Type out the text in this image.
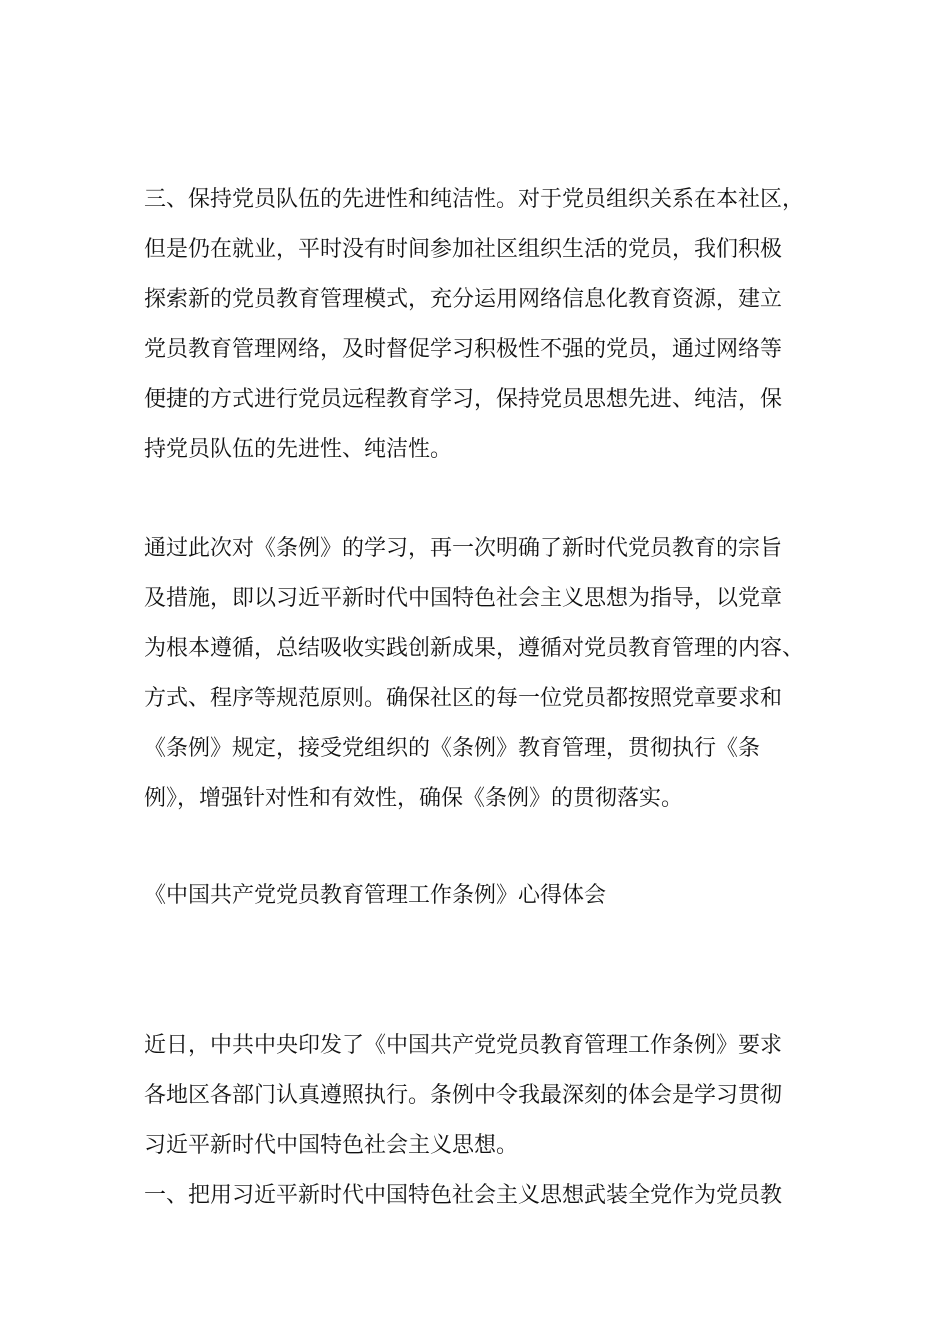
三、保持党员队伍的先进性和纯洁性。对于党员组织关系在本社区，
但是仍在就业，平时没有时间参加社区组织生活的党员，我们积极
探索新的党员教育管理模式，充分运用网络信息化教育资源，建立
党员教育管理网络，及时督促学习积极性不强的党员，通过网络等
便捷的方式进行党员远程教育学习，保持党员思想先进、纯洁，保
持党员队伍的先进性、纯洁性。
通过此次对《条例》的学习，再一次明确了新时代党员教育的宗旨
及措施，即以习近平新时代中国特色社会主义思想为指导，以党章
为根本遵循，总结吸收实践创新成果，遵循对党员教育管理的内容、
方式、程序等规范原则。确保社区的每一位党员都按照党章要求和
《条例》规定，接受党组织的《条例》教育管理，贯彻执行《条
例》，增强针对性和有效性，确保《条例》的贯彻落实。
《中国共产党党员教育管理工作条例》心得体会
近日，中共中央印发了《中国共产党党员教育管理工作条例》要求
各地区各部门认真遵照执行。条例中令我最深刻的体会是学习贯彻
习近平新时代中国特色社会主义思想。
一、把用习近平新时代中国特色社会主义思想武装全党作为党员教
